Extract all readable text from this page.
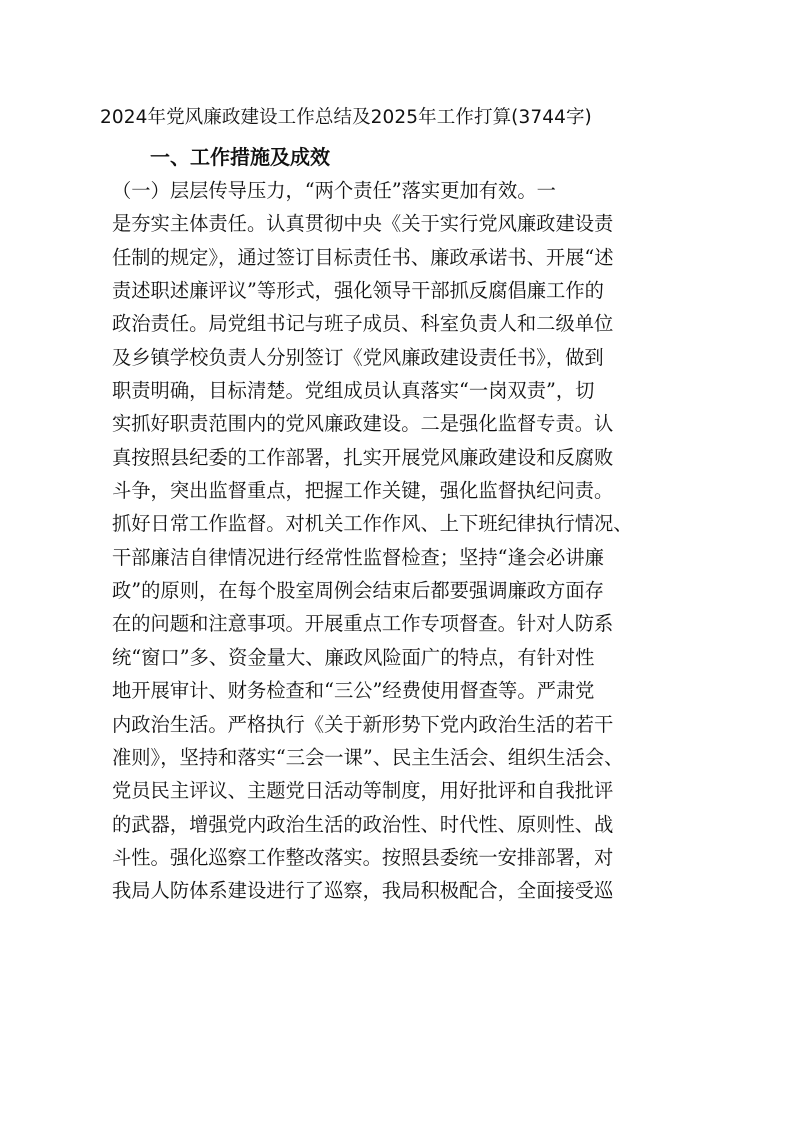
2024年党风廉政建设工作总结及2025年工作打算(3744字)
一、工作措施及成效
（一）层层传导压力，“两个责任”落实更加有效。一
是夯实主体责任。认真贯彻中央《关于实行党风廉政建设责
任制的规定》，通过签订目标责任书、廉政承诺书、开展“述
责述职述廉评议”等形式，强化领导干部抓反腐倡廉工作的
政治责任。局党组书记与班子成员、科室负责人和二级单位
及乡镇学校负责人分别签订《党风廉政建设责任书》，做到
职责明确，目标清楚。党组成员认真落实“一岗双责”，切
实抓好职责范围内的党风廉政建设。二是强化监督专责。认
真按照县纪委的工作部署，扎实开展党风廉政建设和反腐败
斗争，突出监督重点，把握工作关键，强化监督执纪问责。
抓好日常工作监督。对机关工作作风、上下班纪律执行情况、
干部廉洁自律情况进行经常性监督检查；坚持“逢会必讲廉
政”的原则，在每个股室周例会结束后都要强调廉政方面存
在的问题和注意事项。开展重点工作专项督查。针对人防系
统“窗口”多、资金量大、廉政风险面广的特点，有针对性
地开展审计、财务检查和“三公”经费使用督查等。严肃党
内政治生活。严格执行《关于新形势下党内政治生活的若干
准则》，坚持和落实“三会一课”、民主生活会、组织生活会、
党员民主评议、主题党日活动等制度，用好批评和自我批评
的武器，增强党内政治生活的政治性、时代性、原则性、战
斗性。强化巡察工作整改落实。按照县委统一安排部署，对
我局人防体系建设进行了巡察，我局积极配合，全面接受巡
